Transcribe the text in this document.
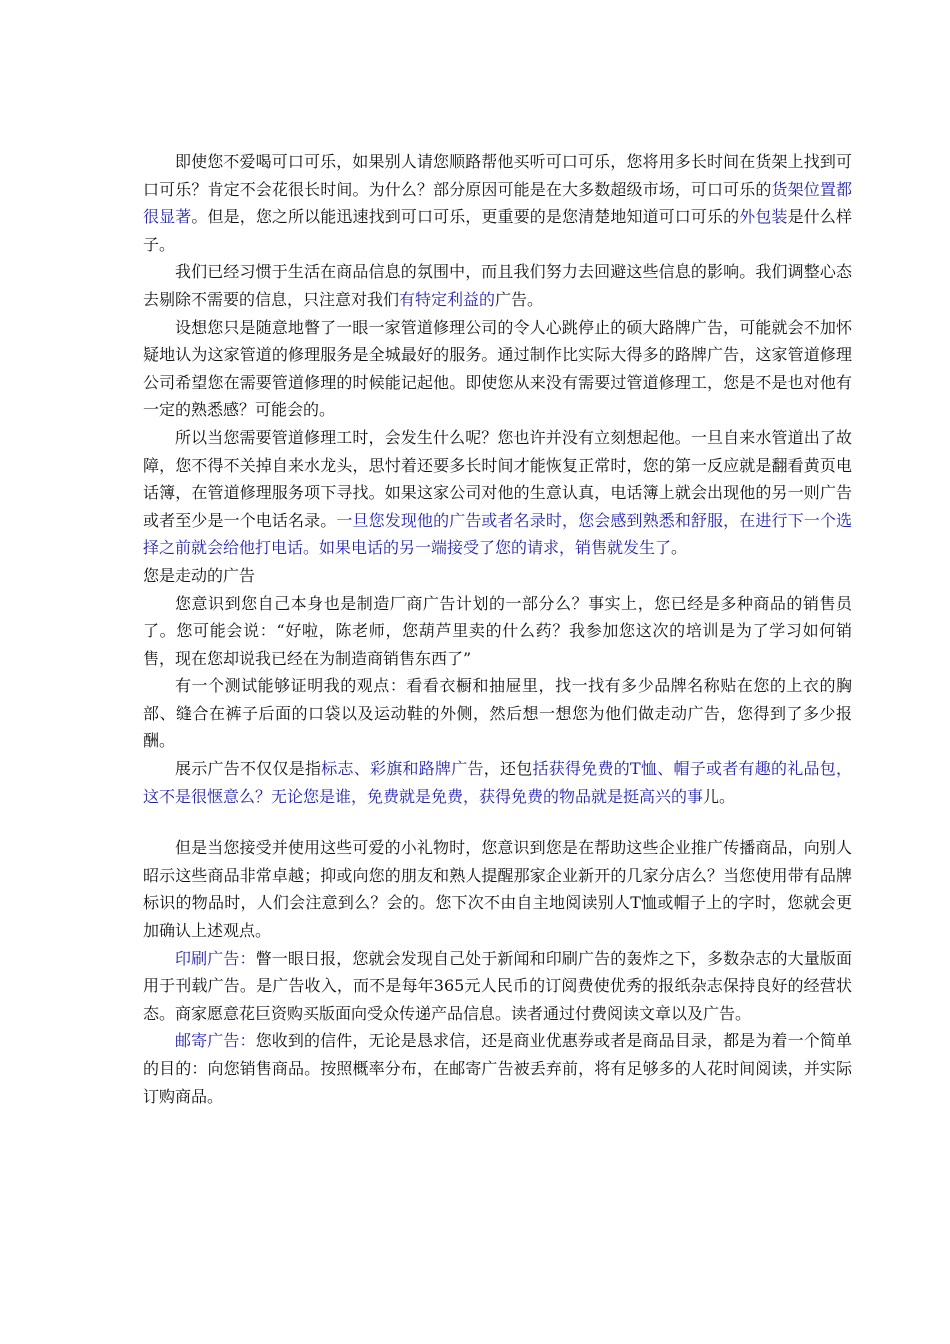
即使您不爱喝可口可乐，如果别人请您顺路帮他买听可口可乐，您将用多长时间在货架上找到可口可乐？肯定不会花很长时间。为什么？部分原因可能是在大多数超级市场，可口可乐的货架位置都很显著。但是，您之所以能迅速找到可口可乐，更重要的是您清楚地知道可口可乐的外包装是什么样子。

我们已经习惯于生活在商品信息的氛围中，而且我们努力去回避这些信息的影响。我们调整心态去剔除不需要的信息，只注意对我们有特定利益的广告。

设想您只是随意地瞥了一眼一家管道修理公司的令人心跳停止的硕大路牌广告，可能就会不加怀疑地认为这家管道的修理服务是全城最好的服务。通过制作比实际大得多的路牌广告，这家管道修理公司希望您在需要管道修理的时候能记起他。即使您从来没有需要过管道修理工，您是不是也对他有一定的熟悉感？可能会的。

所以当您需要管道修理工时，会发生什么呢？您也许并没有立刻想起他。一旦自来水管道出了故障，您不得不关掉自来水龙头，思忖着还要多长时间才能恢复正常时，您的第一反应就是翻看黄页电话簿，在管道修理服务项下寻找。如果这家公司对他的生意认真，电话簿上就会出现他的另一则广告或者至少是一个电话名录。一旦您发现他的广告或者名录时，您会感到熟悉和舒服，在进行下一个选择之前就会给他打电话。如果电话的另一端接受了您的请求，销售就发生了。

您是走动的广告

您意识到您自己本身也是制造厂商广告计划的一部分么？事实上，您已经是多种商品的销售员了。您可能会说：“好啦，陈老师，您葫芦里卖的什么药？我参加您这次的培训是为了学习如何销售，现在您却说我已经在为制造商销售东西了”

有一个测试能够证明我的观点：看看衣橱和抽屉里，找一找有多少品牌名称贴在您的上衣的胸部、缝合在裤子后面的口袋以及运动鞋的外侧，然后想一想您为他们做走动广告，您得到了多少报酬。

展示广告不仅仅是指标志、彩旗和路牌广告，还包括获得免费的T恤、帽子或者有趣的礼品包，这不是很惬意么？无论您是谁，免费就是免费，获得免费的物品就是挺高兴的事儿。

但是当您接受并使用这些可爱的小礼物时，您意识到您是在帮助这些企业推广传播商品，向别人昭示这些商品非常卓越；抑或向您的朋友和熟人提醒那家企业新开的几家分店么？当您使用带有品牌标识的物品时，人们会注意到么？会的。您下次不由自主地阅读别人T恤或帽子上的字时，您就会更加确认上述观点。

印刷广告：瞥一眼日报，您就会发现自己处于新闻和印刷广告的轰炸之下，多数杂志的大量版面用于刊载广告。是广告收入，而不是每年365元人民币的订阅费使优秀的报纸杂志保持良好的经营状态。商家愿意花巨资购买版面向受众传递产品信息。读者通过付费阅读文章以及广告。

邮寄广告：您收到的信件，无论是恳求信，还是商业优惠券或者是商品目录，都是为着一个简单的目的：向您销售商品。按照概率分布，在邮寄广告被丢弃前，将有足够多的人花时间阅读，并实际订购商品。
